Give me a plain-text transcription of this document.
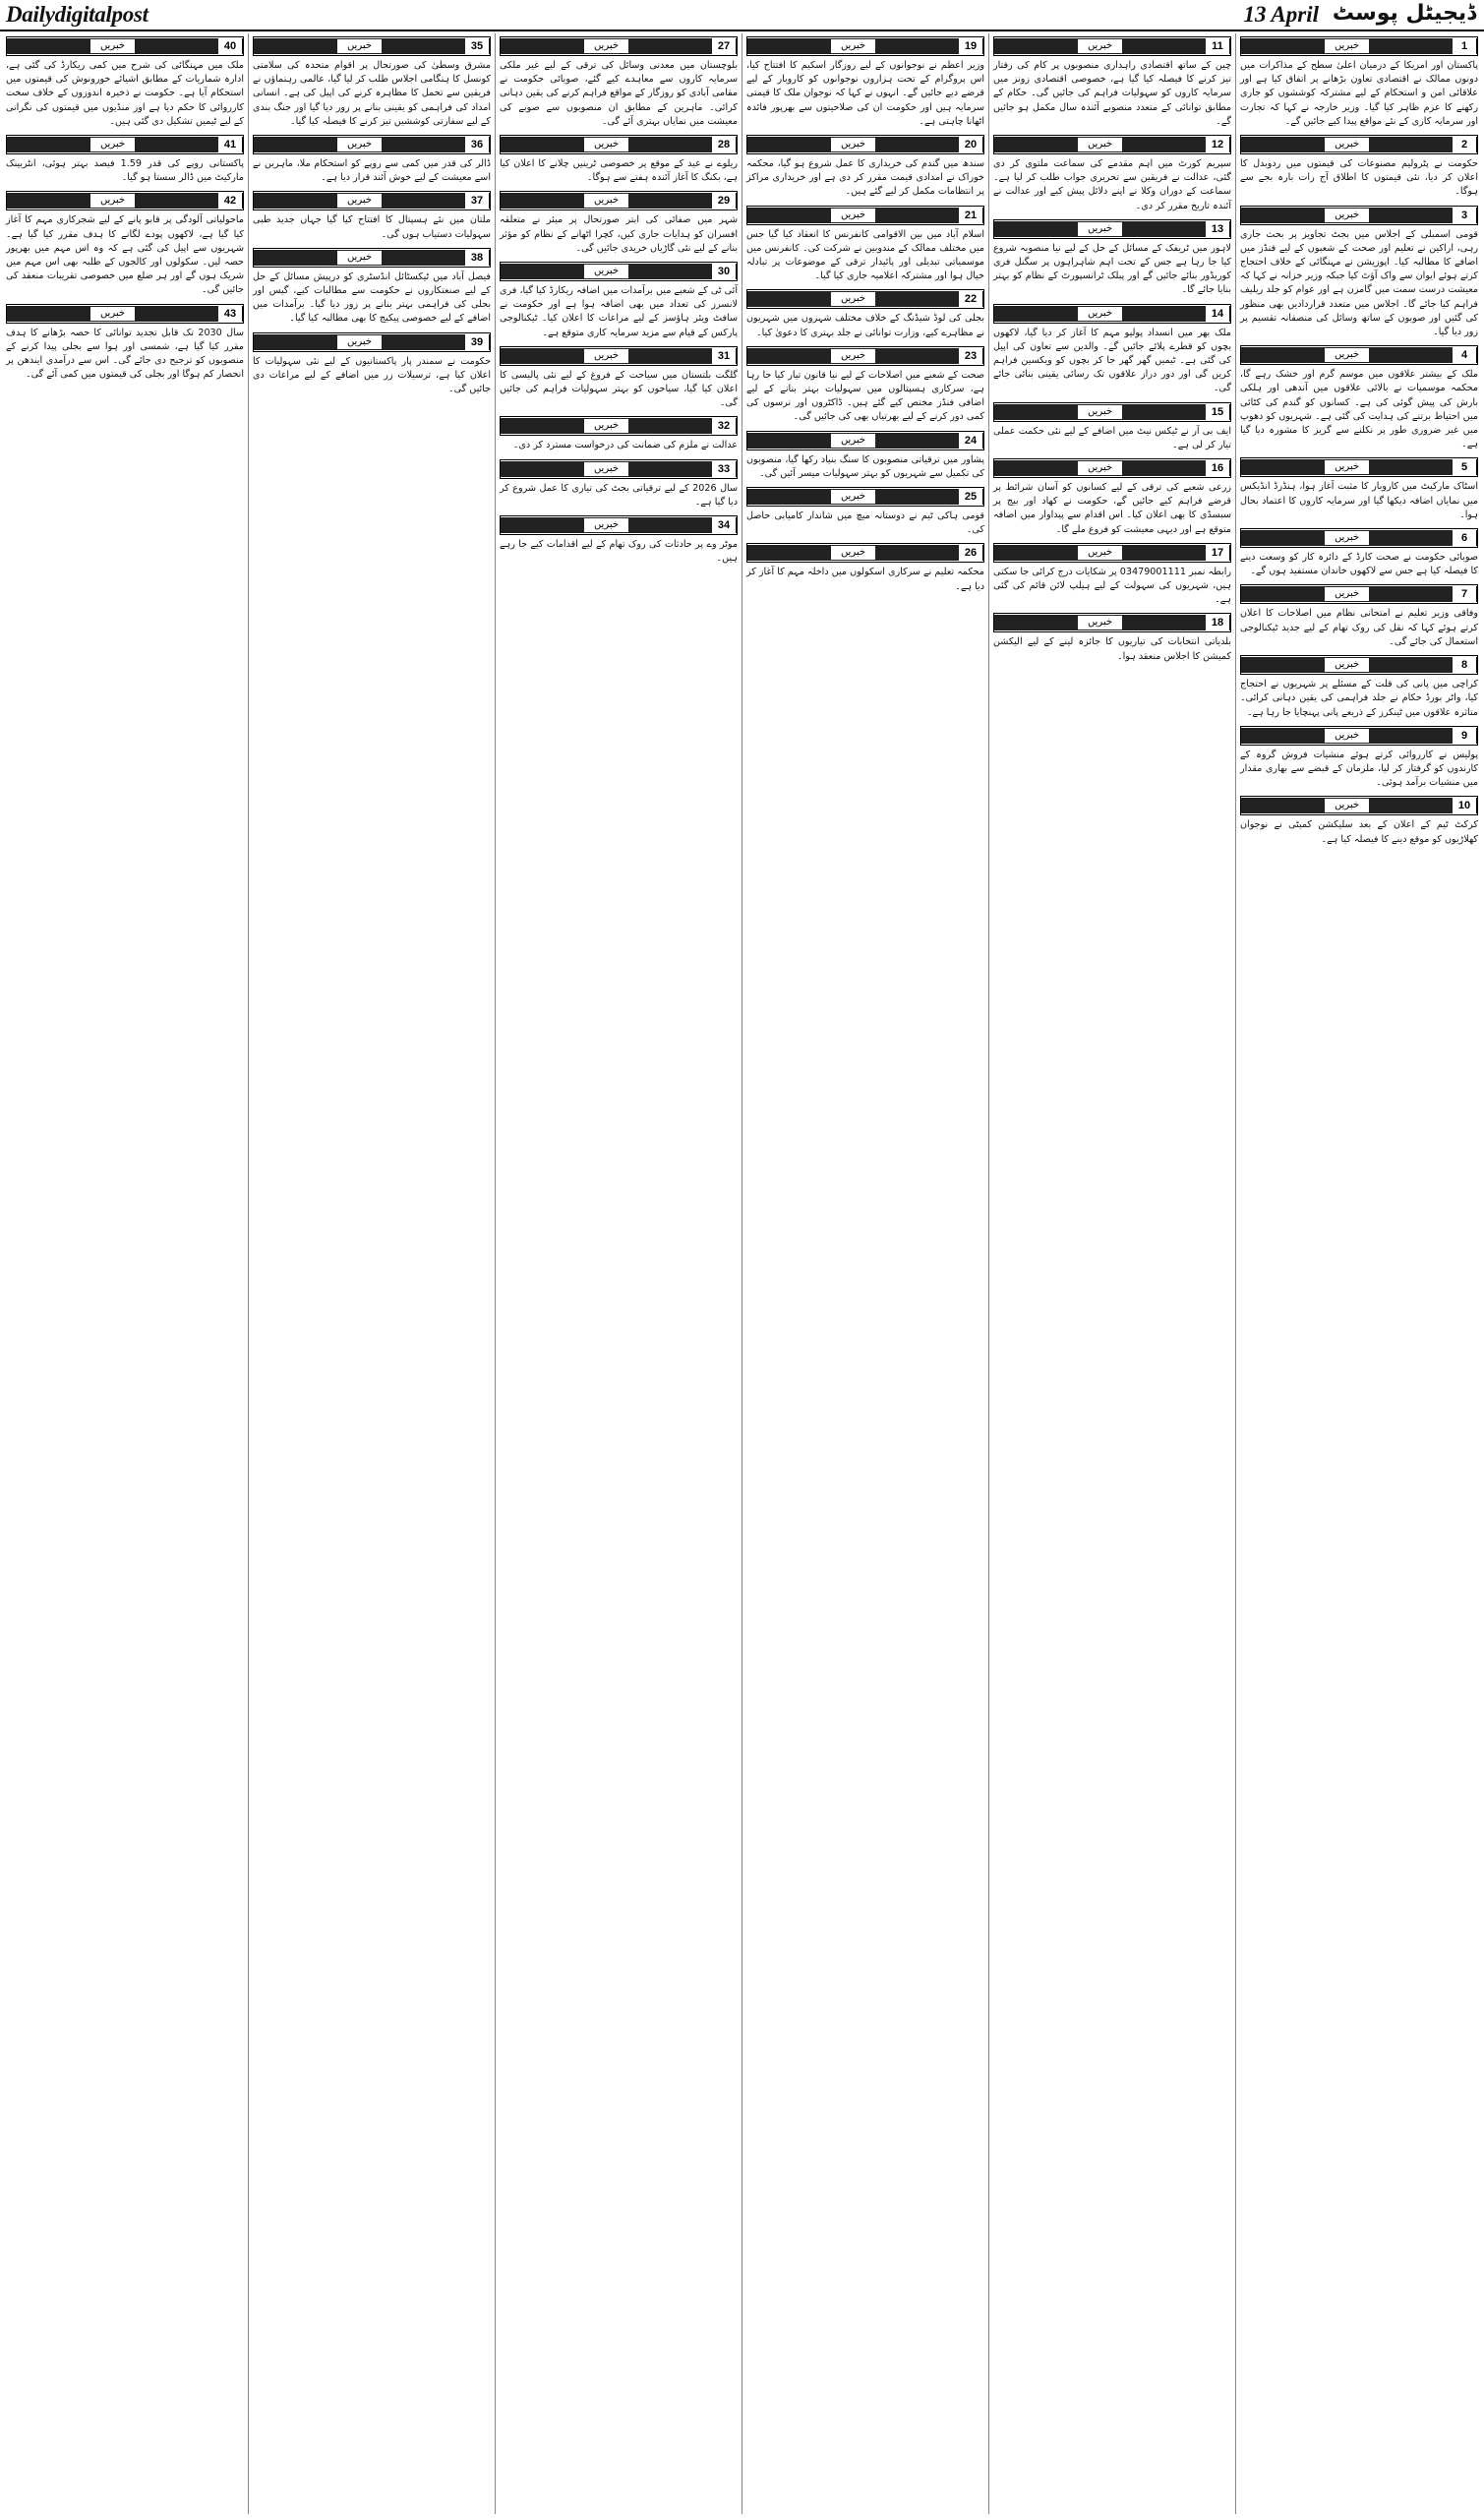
Dailydigitalpost	13 April ڈیجیٹل پوسٹ
خبریں	1

پاکستان اور امریکا کے درمیان اعلیٰ سطح کے مذاکرات میں دونوں ممالک نے اقتصادی تعاون بڑھانے پر اتفاق کیا ہے اور علاقائی امن و استحکام کے لیے مشترکہ کوششوں کو جاری رکھنے کا عزم ظاہر کیا گیا۔ وزیر خارجہ نے کہا کہ تجارت اور سرمایہ کاری کے نئے مواقع پیدا کیے جائیں گے۔

خبریں	2

حکومت نے پٹرولیم مصنوعات کی قیمتوں میں ردوبدل کا اعلان کر دیا، نئی قیمتوں کا اطلاق آج رات بارہ بجے سے ہوگا۔

خبریں	3

قومی اسمبلی کے اجلاس میں بجٹ تجاویز پر بحث جاری رہی، اراکین نے تعلیم اور صحت کے شعبوں کے لیے فنڈز میں اضافے کا مطالبہ کیا۔ اپوزیشن نے مہنگائی کے خلاف احتجاج کرتے ہوئے ایوان سے واک آؤٹ کیا جبکہ وزیر خزانہ نے کہا کہ معیشت درست سمت میں گامزن ہے اور عوام کو جلد ریلیف فراہم کیا جائے گا۔ اجلاس میں متعدد قراردادیں بھی منظور کی گئیں اور صوبوں کے ساتھ وسائل کی منصفانہ تقسیم پر زور دیا گیا۔

خبریں	4

ملک کے بیشتر علاقوں میں موسم گرم اور خشک رہے گا، محکمہ موسمیات نے بالائی علاقوں میں آندھی اور ہلکی بارش کی پیش گوئی کی ہے۔ کسانوں کو گندم کی کٹائی میں احتیاط برتنے کی ہدایت کی گئی ہے۔ شہریوں کو دھوپ میں غیر ضروری طور پر نکلنے سے گریز کا مشورہ دیا گیا ہے۔

خبریں	5

اسٹاک مارکیٹ میں کاروبار کا مثبت آغاز ہوا، ہنڈرڈ انڈیکس میں نمایاں اضافہ دیکھا گیا اور سرمایہ کاروں کا اعتماد بحال ہوا۔

خبریں	6

صوبائی حکومت نے صحت کارڈ کے دائرہ کار کو وسعت دینے کا فیصلہ کیا ہے جس سے لاکھوں خاندان مستفید ہوں گے۔

خبریں	7

وفاقی وزیر تعلیم نے امتحانی نظام میں اصلاحات کا اعلان کرتے ہوئے کہا کہ نقل کی روک تھام کے لیے جدید ٹیکنالوجی استعمال کی جائے گی۔

خبریں	8

کراچی میں پانی کی قلت کے مسئلے پر شہریوں نے احتجاج کیا، واٹر بورڈ حکام نے جلد فراہمی کی یقین دہانی کرائی۔ متاثرہ علاقوں میں ٹینکرز کے ذریعے پانی پہنچایا جا رہا ہے۔

خبریں	9

پولیس نے کارروائی کرتے ہوئے منشیات فروش گروہ کے کارندوں کو گرفتار کر لیا، ملزمان کے قبضے سے بھاری مقدار میں منشیات برآمد ہوئی۔

خبریں	10

کرکٹ ٹیم کے اعلان کے بعد سلیکشن کمیٹی نے نوجوان کھلاڑیوں کو موقع دینے کا فیصلہ کیا ہے۔

خبریں	11

چین کے ساتھ اقتصادی راہداری منصوبوں پر کام کی رفتار تیز کرنے کا فیصلہ کیا گیا ہے، خصوصی اقتصادی زونز میں سرمایہ کاروں کو سہولیات فراہم کی جائیں گی۔ حکام کے مطابق توانائی کے متعدد منصوبے آئندہ سال مکمل ہو جائیں گے۔

خبریں	12

سپریم کورٹ میں اہم مقدمے کی سماعت ملتوی کر دی گئی، عدالت نے فریقین سے تحریری جواب طلب کر لیا ہے۔ سماعت کے دوران وکلا نے اپنے دلائل پیش کیے اور عدالت نے آئندہ تاریخ مقرر کر دی۔

خبریں	13

لاہور میں ٹریفک کے مسائل کے حل کے لیے نیا منصوبہ شروع کیا جا رہا ہے جس کے تحت اہم شاہراہوں پر سگنل فری کوریڈور بنائے جائیں گے اور پبلک ٹرانسپورٹ کے نظام کو بہتر بنایا جائے گا۔

خبریں	14

ملک بھر میں انسداد پولیو مہم کا آغاز کر دیا گیا، لاکھوں بچوں کو قطرے پلائے جائیں گے۔ والدین سے تعاون کی اپیل کی گئی ہے۔ ٹیمیں گھر گھر جا کر بچوں کو ویکسین فراہم کریں گی اور دور دراز علاقوں تک رسائی یقینی بنائی جائے گی۔

خبریں	15

ایف بی آر نے ٹیکس نیٹ میں اضافے کے لیے نئی حکمت عملی تیار کر لی ہے۔

خبریں	16

زرعی شعبے کی ترقی کے لیے کسانوں کو آسان شرائط پر قرضے فراہم کیے جائیں گے، حکومت نے کھاد اور بیج پر سبسڈی کا بھی اعلان کیا۔ اس اقدام سے پیداوار میں اضافہ متوقع ہے اور دیہی معیشت کو فروغ ملے گا۔

خبریں	17

رابطہ نمبر 03479001111 پر شکایات درج کرائی جا سکتی ہیں، شہریوں کی سہولت کے لیے ہیلپ لائن قائم کی گئی ہے۔

خبریں	18

بلدیاتی انتخابات کی تیاریوں کا جائزہ لینے کے لیے الیکشن کمیشن کا اجلاس منعقد ہوا۔

خبریں	19

وزیر اعظم نے نوجوانوں کے لیے روزگار اسکیم کا افتتاح کیا، اس پروگرام کے تحت ہزاروں نوجوانوں کو کاروبار کے لیے قرضے دیے جائیں گے۔ انہوں نے کہا کہ نوجوان ملک کا قیمتی سرمایہ ہیں اور حکومت ان کی صلاحیتوں سے بھرپور فائدہ اٹھانا چاہتی ہے۔

خبریں	20

سندھ میں گندم کی خریداری کا عمل شروع ہو گیا، محکمہ خوراک نے امدادی قیمت مقرر کر دی ہے اور خریداری مراکز پر انتظامات مکمل کر لیے گئے ہیں۔

خبریں	21

اسلام آباد میں بین الاقوامی کانفرنس کا انعقاد کیا گیا جس میں مختلف ممالک کے مندوبین نے شرکت کی۔ کانفرنس میں موسمیاتی تبدیلی اور پائیدار ترقی کے موضوعات پر تبادلہ خیال ہوا اور مشترکہ اعلامیہ جاری کیا گیا۔

خبریں	22

بجلی کی لوڈ شیڈنگ کے خلاف مختلف شہروں میں شہریوں نے مظاہرے کیے، وزارت توانائی نے جلد بہتری کا دعویٰ کیا۔

خبریں	23

صحت کے شعبے میں اصلاحات کے لیے نیا قانون تیار کیا جا رہا ہے، سرکاری ہسپتالوں میں سہولیات بہتر بنانے کے لیے اضافی فنڈز مختص کیے گئے ہیں۔ ڈاکٹروں اور نرسوں کی کمی دور کرنے کے لیے بھرتیاں بھی کی جائیں گی۔

خبریں	24

پشاور میں ترقیاتی منصوبوں کا سنگ بنیاد رکھا گیا، منصوبوں کی تکمیل سے شہریوں کو بہتر سہولیات میسر آئیں گی۔

خبریں	25

قومی ہاکی ٹیم نے دوستانہ میچ میں شاندار کامیابی حاصل کی۔

خبریں	26

محکمہ تعلیم نے سرکاری اسکولوں میں داخلہ مہم کا آغاز کر دیا ہے۔

خبریں	27

بلوچستان میں معدنی وسائل کی ترقی کے لیے غیر ملکی سرمایہ کاروں سے معاہدے کیے گئے، صوبائی حکومت نے مقامی آبادی کو روزگار کے مواقع فراہم کرنے کی یقین دہانی کرائی۔ ماہرین کے مطابق ان منصوبوں سے صوبے کی معیشت میں نمایاں بہتری آئے گی۔

خبریں	28

ریلوے نے عید کے موقع پر خصوصی ٹرینیں چلانے کا اعلان کیا ہے، بکنگ کا آغاز آئندہ ہفتے سے ہوگا۔

خبریں	29

شہر میں صفائی کی ابتر صورتحال پر میئر نے متعلقہ افسران کو ہدایات جاری کیں، کچرا اٹھانے کے نظام کو مؤثر بنانے کے لیے نئی گاڑیاں خریدی جائیں گی۔

خبریں	30

آئی ٹی کے شعبے میں برآمدات میں اضافہ ریکارڈ کیا گیا، فری لانسرز کی تعداد میں بھی اضافہ ہوا ہے اور حکومت نے سافٹ ویئر ہاؤسز کے لیے مراعات کا اعلان کیا۔ ٹیکنالوجی پارکس کے قیام سے مزید سرمایہ کاری متوقع ہے۔

خبریں	31

گلگت بلتستان میں سیاحت کے فروغ کے لیے نئی پالیسی کا اعلان کیا گیا، سیاحوں کو بہتر سہولیات فراہم کی جائیں گی۔

خبریں	32

عدالت نے ملزم کی ضمانت کی درخواست مسترد کر دی۔

خبریں	33

سال 2026 کے لیے ترقیاتی بجٹ کی تیاری کا عمل شروع کر دیا گیا ہے۔

خبریں	34

موٹر وے پر حادثات کی روک تھام کے لیے اقدامات کیے جا رہے ہیں۔

خبریں	35

مشرق وسطیٰ کی صورتحال پر اقوام متحدہ کی سلامتی کونسل کا ہنگامی اجلاس طلب کر لیا گیا، عالمی رہنماؤں نے فریقین سے تحمل کا مظاہرہ کرنے کی اپیل کی ہے۔ انسانی امداد کی فراہمی کو یقینی بنانے پر زور دیا گیا اور جنگ بندی کے لیے سفارتی کوششیں تیز کرنے کا فیصلہ کیا گیا۔

خبریں	36

ڈالر کی قدر میں کمی سے روپے کو استحکام ملا، ماہرین نے اسے معیشت کے لیے خوش آئند قرار دیا ہے۔

خبریں	37

ملتان میں نئے ہسپتال کا افتتاح کیا گیا جہاں جدید طبی سہولیات دستیاب ہوں گی۔

خبریں	38

فیصل آباد میں ٹیکسٹائل انڈسٹری کو درپیش مسائل کے حل کے لیے صنعتکاروں نے حکومت سے مطالبات کیے، گیس اور بجلی کی فراہمی بہتر بنانے پر زور دیا گیا۔ برآمدات میں اضافے کے لیے خصوصی پیکیج کا بھی مطالبہ کیا گیا۔

خبریں	39

حکومت نے سمندر پار پاکستانیوں کے لیے نئی سہولیات کا اعلان کیا ہے، ترسیلات زر میں اضافے کے لیے مراعات دی جائیں گی۔

خبریں	40

ملک میں مہنگائی کی شرح میں کمی ریکارڈ کی گئی ہے، ادارہ شماریات کے مطابق اشیائے خورونوش کی قیمتوں میں استحکام آیا ہے۔ حکومت نے ذخیرہ اندوزوں کے خلاف سخت کارروائی کا حکم دیا ہے اور منڈیوں میں قیمتوں کی نگرانی کے لیے ٹیمیں تشکیل دی گئی ہیں۔

خبریں	41

پاکستانی روپے کی قدر 1.59 فیصد بہتر ہوئی، انٹربینک مارکیٹ میں ڈالر سستا ہو گیا۔

خبریں	42

ماحولیاتی آلودگی پر قابو پانے کے لیے شجرکاری مہم کا آغاز کیا گیا ہے، لاکھوں پودے لگانے کا ہدف مقرر کیا گیا ہے۔ شہریوں سے اپیل کی گئی ہے کہ وہ اس مہم میں بھرپور حصہ لیں۔ سکولوں اور کالجوں کے طلبہ بھی اس مہم میں شریک ہوں گے اور ہر ضلع میں خصوصی تقریبات منعقد کی جائیں گی۔

خبریں	43

سال 2030 تک قابل تجدید توانائی کا حصہ بڑھانے کا ہدف مقرر کیا گیا ہے، شمسی اور ہوا سے بجلی پیدا کرنے کے منصوبوں کو ترجیح دی جائے گی۔ اس سے درآمدی ایندھن پر انحصار کم ہوگا اور بجلی کی قیمتوں میں کمی آئے گی۔
